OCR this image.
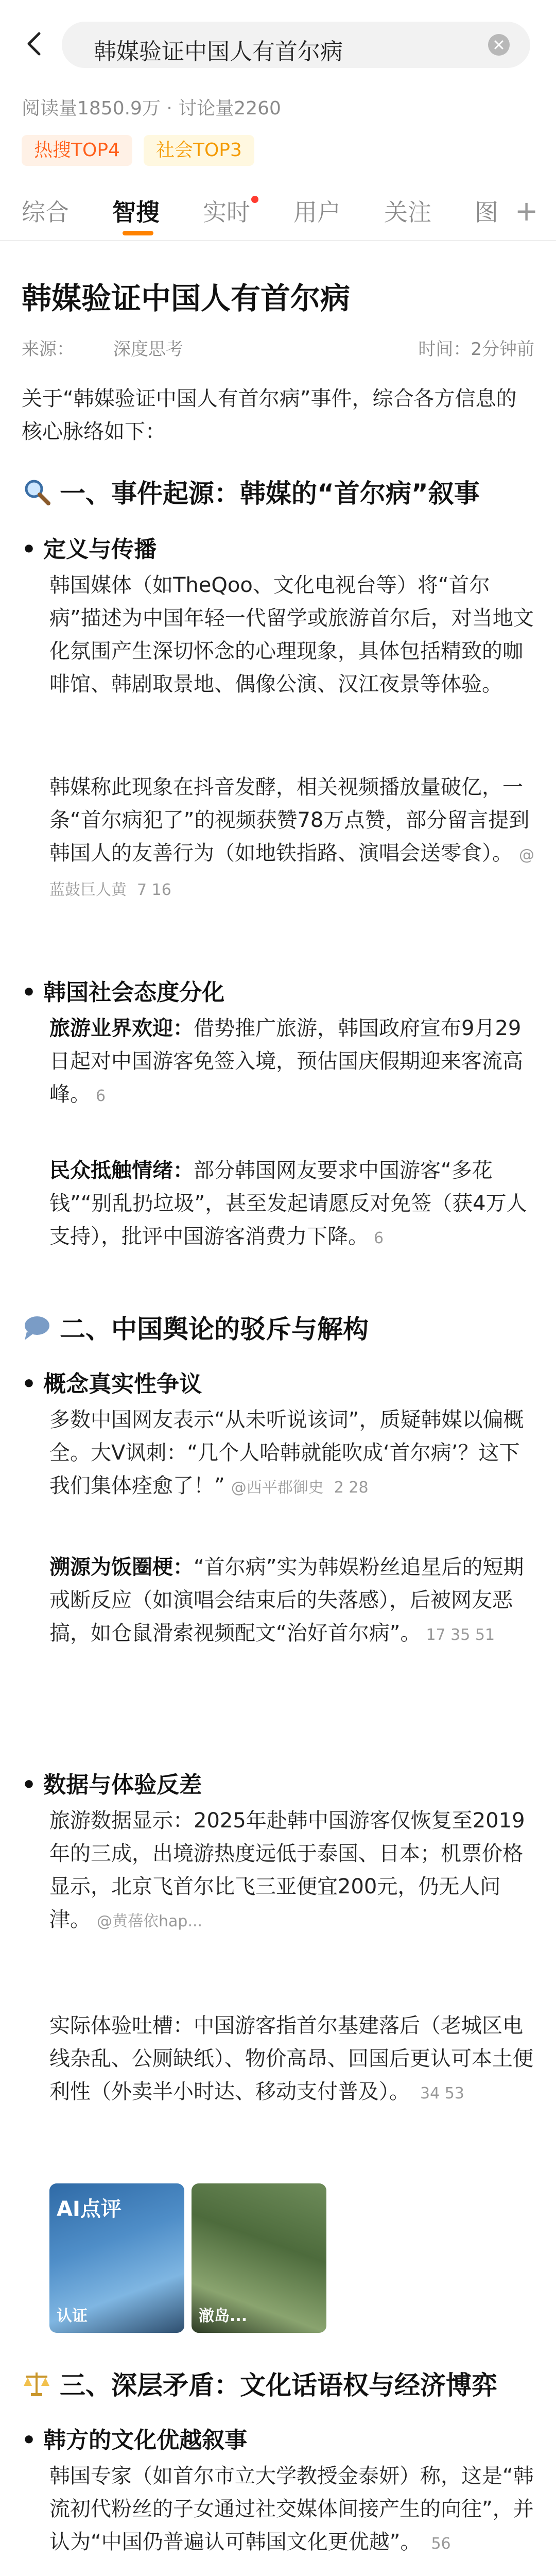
韩媒验证中国人有首尔病
阅读量1850.9万 · 讨论量2260
热搜TOP4	社会TOP3
综合 智搜 实时 用户 关注 图 +
韩媒验证中国人有首尔病
来源： 深度思考	时间：2分钟前
关于“韩媒验证中国人有首尔病”事件，综合各方信息的核心脉络如下：
一、事件起源：韩媒的“首尔病”叙事
• 定义与传播
韩国媒体（如TheQoo、文化电视台等）将“首尔病”描述为中国年轻一代留学或旅游首尔后，对当地文化氛围产生深切怀念的心理现象，具体包括精致的咖啡馆、韩剧取景地、偶像公演、汉江夜景等体验。
韩媒称此现象在抖音发酵，相关视频播放量破亿，一条“首尔病犯了”的视频获赞78万点赞，部分留言提到韩国人的友善行为（如地铁指路、演唱会送零食）。 @蓝鼓巨人黄 7 16
• 韩国社会态度分化
旅游业界欢迎：借势推广旅游，韩国政府宣布9月29日起对中国游客免签入境，预估国庆假期迎来客流高峰。 6
民众抵触情绪：部分韩国网友要求中国游客“多花钱”“别乱扔垃圾”，甚至发起请愿反对免签（获4万人支持），批评中国游客消费力下降。 6
二、中国舆论的驳斥与解构
• 概念真实性争议
多数中国网友表示“从未听说该词”，质疑韩媒以偏概全。大V讽刺：“几个人哈韩就能吹成‘首尔病’？这下我们集体痊愈了！” @西平郡御史 2 28
溯源为饭圈梗：“首尔病”实为韩娱粉丝追星后的短期戒断反应（如演唱会结束后的失落感），后被网友恶搞，如仓鼠滑索视频配文“治好首尔病”。 17 35 51
• 数据与体验反差
旅游数据显示：2025年赴韩中国游客仅恢复至2019年的三成，出境游热度远低于泰国、日本；机票价格显示，北京飞首尔比飞三亚便宜200元，仍无人问津。 @黄蓓依hap...
实际体验吐槽：中国游客指首尔基建落后（老城区电线杂乱、公厕缺纸）、物价高昂、回国后更认可本土便利性（外卖半小时达、移动支付普及）。 34 53
AI点评
认证	澈岛...
三、深层矛盾：文化话语权与经济博弈
• 韩方的文化优越叙事
韩国专家（如首尔市立大学教授金泰妍）称，这是“韩流初代粉丝的子女通过社交媒体间接产生的向往”，并认为“中国仍普遍认可韩国文化更优越”。 56
